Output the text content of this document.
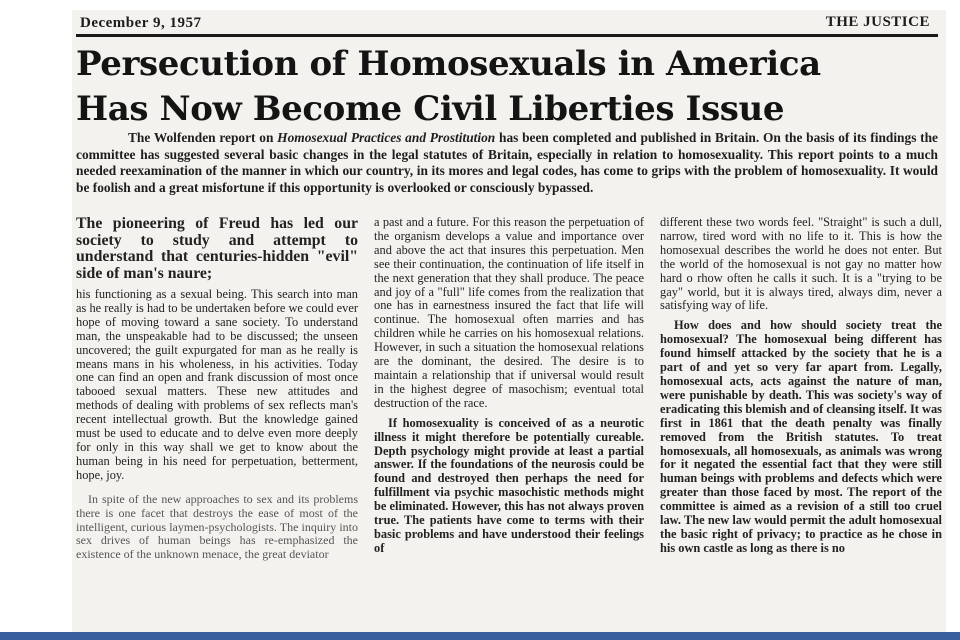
December 9, 1957	THE JUSTICE
Persecution of Homosexuals in America
Has Now Become Civil Liberties Issue
The Wolfenden report on Homosexual Practices and Prostitution has been completed and published in Britain. On the basis of its findings the committee has suggested several basic changes in the legal statutes of Britain, especially in relation to homosexuality. This report points to a much needed reexamination of the manner in which our country, in its mores and legal codes, has come to grips with the problem of homosexuality. It would be foolish and a great misfortune if this opportunity is overlooked or consciously bypassed.

The pioneering of Freud has led our society to study and attempt to understand that centuries-hidden "evil" side of man's naure;

his functioning as a sexual being. This search into man as he really is had to be undertaken before we could ever hope of moving toward a sane society. To understand man, the unspeakable had to be discussed; the unseen uncovered; the guilt expurgated for man as he really is means mans in his wholeness, in his activities. Today one can find an open and frank discussion of most once tabooed sexual matters. These new attitudes and methods of dealing with problems of sex reflects man's recent intellectual growth. But the knowledge gained must be used to educate and to delve even more deeply for only in this way shall we get to know about the human being in his need for perpetuation, betterment, hope, joy.

In spite of the new approaches to sex and its problems there is one facet that destroys the ease of most of the intelligent, curious laymen-psychologists. The inquiry into sex drives of human beings has re-emphasized the existence of the unknown menace, the great deviator

a past and a future. For this reason the perpetuation of the organism develops a value and importance over and above the act that insures this perpetuation. Men see their continuation, the continuation of life itself in the next generation that they shall produce. The peace and joy of a "full" life comes from the realization that one has in earnestness insured the fact that life will continue. The homosexual often marries and has children while he carries on his homosexual relations. However, in such a situation the homosexual relations are the dominant, the desired. The desire is to maintain a relationship that if universal would result in the highest degree of masochism; eventual total destruction of the race.

If homosexuality is conceived of as a neurotic illness it might therefore be potentially cureable. Depth psychology might provide at least a partial answer. If the foundations of the neurosis could be found and destroyed then perhaps the need for fulfillment via psychic masochistic methods might be eliminated. However, this has not always proven true. The patients have come to terms with their basic problems and have understood their feelings of

different these two words feel. "Straight" is such a dull, narrow, tired word with no life to it. This is how the homosexual describes the world he does not enter. But the world of the homosexual is not gay no matter how hard o rhow often he calls it such. It is a "trying to be gay" world, but it is always tired, always dim, never a satisfying way of life.

How does and how should society treat the homosexual? The homosexual being different has found himself attacked by the society that he is a part of and yet so very far apart from. Legally, homosexual acts, acts against the nature of man, were punishable by death. This was society's way of eradicating this blemish and of cleansing itself. It was first in 1861 that the death penalty was finally removed from the British statutes. To treat homosexuals, all homosexuals, as animals was wrong for it negated the essential fact that they were still human beings with problems and defects which were greater than those faced by most. The report of the committee is aimed as a revision of a still too cruel law. The new law would permit the adult homosexual the basic right of privacy; to practice as he chose in his own castle as long as there is no
